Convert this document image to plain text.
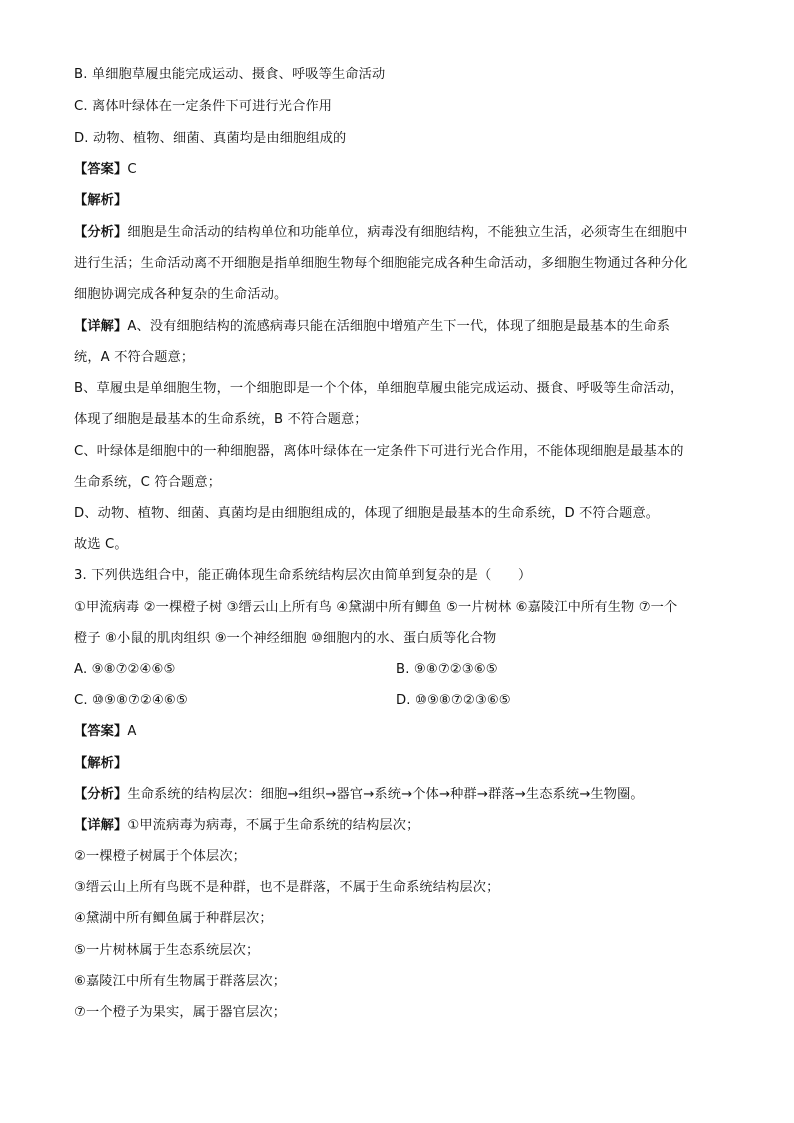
B. 单细胞草履虫能完成运动、摄食、呼吸等生命活动
C. 离体叶绿体在一定条件下可进行光合作用
D. 动物、植物、细菌、真菌均是由细胞组成的
【答案】C
【解析】
【分析】细胞是生命活动的结构单位和功能单位，病毒没有细胞结构，不能独立生活，必须寄生在细胞中
进行生活；生命活动离不开细胞是指单细胞生物每个细胞能完成各种生命活动，多细胞生物通过各种分化
细胞协调完成各种复杂的生命活动。
【详解】A、没有细胞结构的流感病毒只能在活细胞中增殖产生下一代，体现了细胞是最基本的生命系
统，A 不符合题意；
B、草履虫是单细胞生物，一个细胞即是一个个体，单细胞草履虫能完成运动、摄食、呼吸等生命活动，
体现了细胞是最基本的生命系统，B 不符合题意；
C、叶绿体是细胞中的一种细胞器，离体叶绿体在一定条件下可进行光合作用，不能体现细胞是最基本的
生命系统，C 符合题意；
D、动物、植物、细菌、真菌均是由细胞组成的，体现了细胞是最基本的生命系统，D 不符合题意。
故选 C。
3. 下列供选组合中，能正确体现生命系统结构层次由简单到复杂的是（　　）
①甲流病毒 ②一棵橙子树 ③缙云山上所有鸟 ④黛湖中所有鲫鱼 ⑤一片树林 ⑥嘉陵江中所有生物 ⑦一个
橙子 ⑧小鼠的肌肉组织 ⑨一个神经细胞 ⑩细胞内的水、蛋白质等化合物
A. ⑨⑧⑦②④⑥⑤	B. ⑨⑧⑦②③⑥⑤
C. ⑩⑨⑧⑦②④⑥⑤	D. ⑩⑨⑧⑦②③⑥⑤
【答案】A
【解析】
【分析】生命系统的结构层次：细胞→组织→器官→系统→个体→种群→群落→生态系统→生物圈。
【详解】①甲流病毒为病毒，不属于生命系统的结构层次；
②一棵橙子树属于个体层次；
③缙云山上所有鸟既不是种群，也不是群落，不属于生命系统结构层次；
④黛湖中所有鲫鱼属于种群层次；
⑤一片树林属于生态系统层次；
⑥嘉陵江中所有生物属于群落层次；
⑦一个橙子为果实，属于器官层次；
